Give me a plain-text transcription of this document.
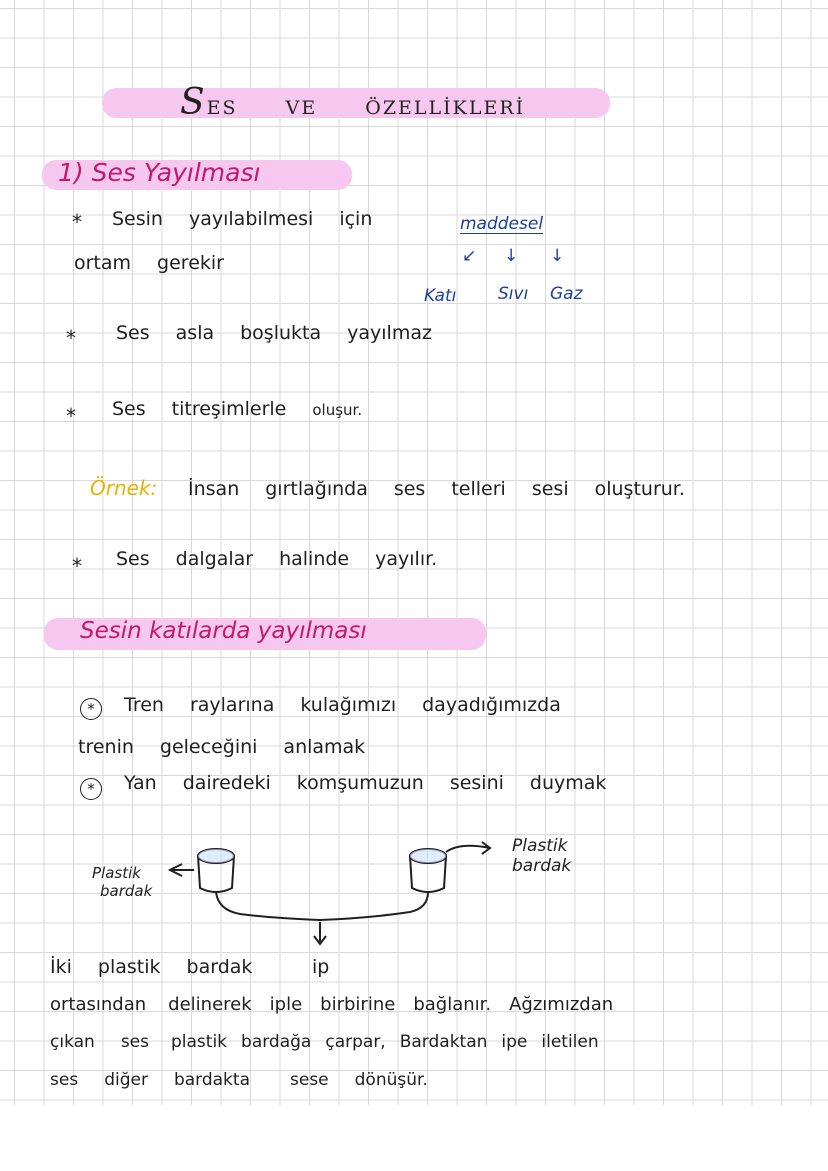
SES	VE	ÖZELLİKLERİ
1) Ses Yayılması
* Sesin yayılabilmesi için	maddesel
ortam gerekir	↙ ↓ ↓
Katı Sıvı Gaz
* Ses asla boşlukta yayılmaz
* Ses titreşimlerle oluşur.
Örnek: İnsan gırtlağında ses telleri sesi oluşturur.
* Ses dalgalar halinde yayılır.
Sesin katılarda yayılması
*	Tren raylarına kulağımızı dayadığımızda
trenin geleceğini anlamak
*	Yan dairedeki komşumuzun sesini duymak
Plastik
bardak
Plastik
bardak
İki plastik bardak	ip
ortasından delinerek iple birbirine bağlanır. Ağzımızdan
çıkan ses plastik bardağa çarpar, Bardaktan ipe iletilen
ses diğer bardakta sese dönüşür.
